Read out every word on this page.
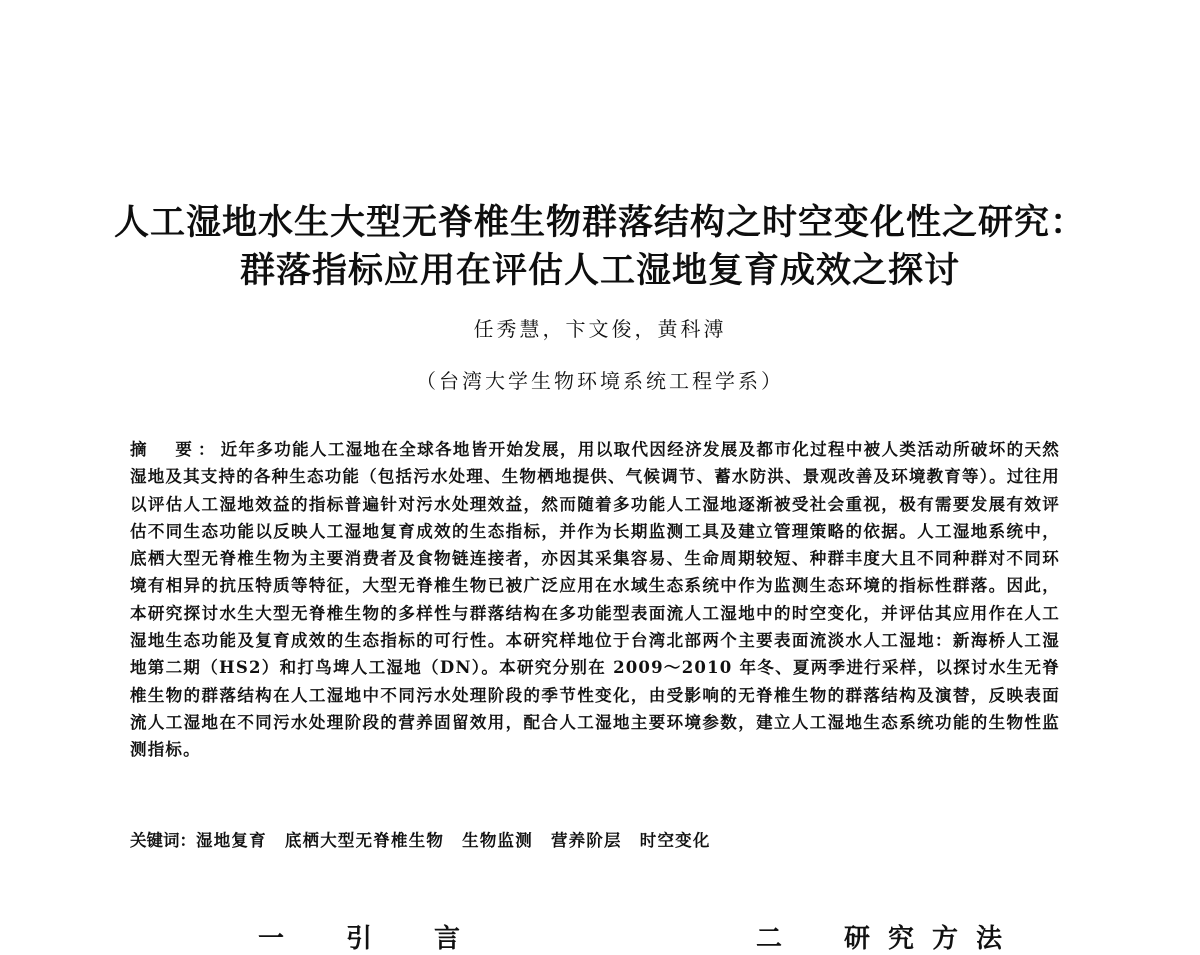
人工湿地水生大型无脊椎生物群落结构之时空变化性之研究：
群落指标应用在评估人工湿地复育成效之探讨
任秀慧，卞文俊，黄科溥
（台湾大学生物环境系统工程学系）
摘　要：近年多功能人工湿地在全球各地皆开始发展，用以取代因经济发展及都市化过程中被人类活动所破坏的天然湿地及其支持的各种生态功能（包括污水处理、生物栖地提供、气候调节、蓄水防洪、景观改善及环境教育等）。过往用以评估人工湿地效益的指标普遍针对污水处理效益，然而随着多功能人工湿地逐渐被受社会重视，极有需要发展有效评估不同生态功能以反映人工湿地复育成效的生态指标，并作为长期监测工具及建立管理策略的依据。人工湿地系统中，底栖大型无脊椎生物为主要消费者及食物链连接者，亦因其采集容易、生命周期较短、种群丰度大且不同种群对不同环境有相异的抗压特质等特征，大型无脊椎生物已被广泛应用在水域生态系统中作为监测生态环境的指标性群落。因此，本研究探讨水生大型无脊椎生物的多样性与群落结构在多功能型表面流人工湿地中的时空变化，并评估其应用作在人工湿地生态功能及复育成效的生态指标的可行性。本研究样地位于台湾北部两个主要表面流淡水人工湿地：新海桥人工湿地第二期（HS2）和打鸟埤人工湿地（DN）。本研究分别在 2009～2010 年冬、夏两季进行采样，以探讨水生无脊椎生物的群落结构在人工湿地中不同污水处理阶段的季节性变化，由受影响的无脊椎生物的群落结构及演替，反映表面流人工湿地在不同污水处理阶段的营养固留效用，配合人工湿地主要环境参数，建立人工湿地生态系统功能的生物性监测指标。
关键词：湿地复育 底栖大型无脊椎生物 生物监测 营养阶层 时空变化
一　引　言	二　研究方法
